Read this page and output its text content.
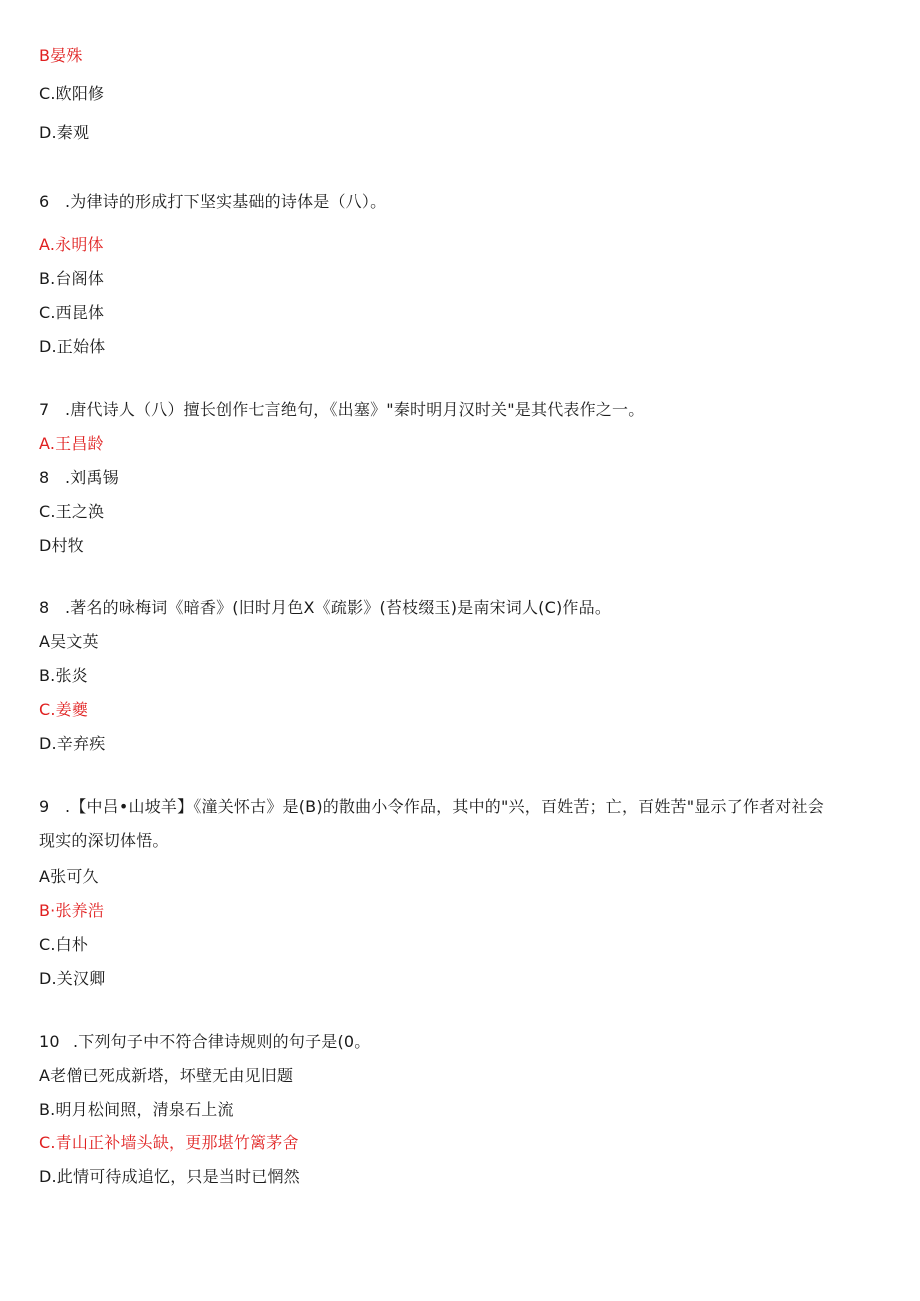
B晏殊
C.欧阳修
D.秦观
6 .为律诗的形成打下坚实基础的诗体是（八）。
A.永明体
B.台阁体
C.西昆体
D.正始体
7 .唐代诗人（八）擅长创作七言绝句，《出塞》"秦时明月汉时关"是其代表作之一。
A.王昌龄
8 .刘禹锡
C.王之涣
D村牧
8 .著名的咏梅词《暗香》(旧时月色X《疏影》(苔枝缀玉)是南宋词人(C)作品。
A吴文英
B.张炎
C.姜夔
D.辛弃疾
9 .【中吕•山坡羊】《潼关怀古》是(B)的散曲小令作品，其中的"兴，百姓苦；亡，百姓苦"显示了作者对社会
现实的深切体悟。
A张可久
B·张养浩
C.白朴
D.关汉卿
10 .下列句子中不符合律诗规则的句子是(0。
A老僧已死成新塔，坏壁无由见旧题
B.明月松间照，清泉石上流
C.青山正补墙头缺，更那堪竹篱茅舍
D.此情可待成追忆，只是当时已惘然
